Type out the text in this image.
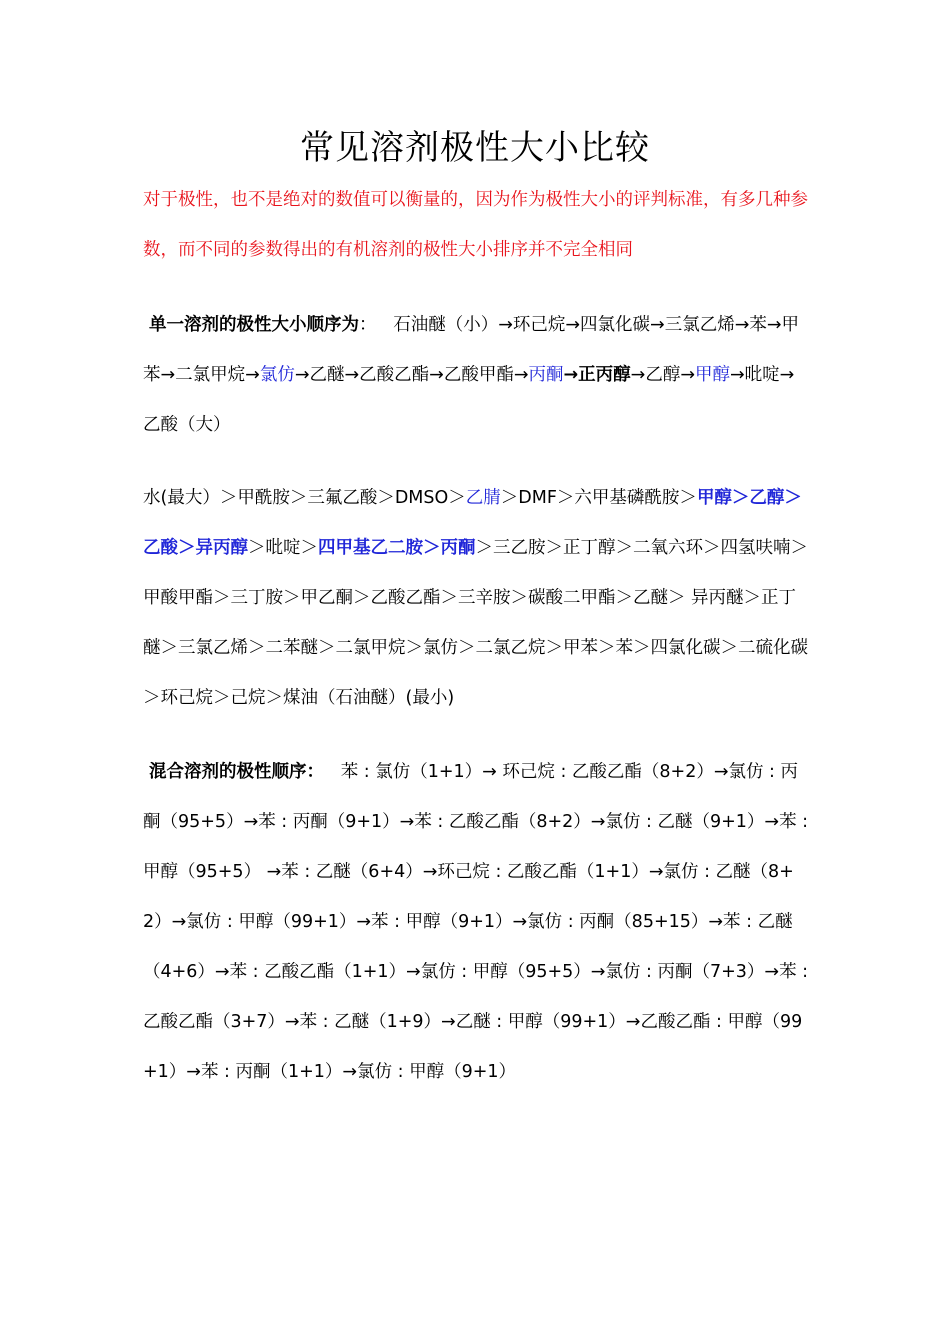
常见溶剂极性大小比较

对于极性，也不是绝对的数值可以衡量的，因为作为极性大小的评判标准，有多几种参数，而不同的参数得出的有机溶剂的极性大小排序并不完全相同

单一溶剂的极性大小顺序为： 石油醚（小）→环己烷→四氯化碳→三氯乙烯→苯→甲苯→二氯甲烷→氯仿→乙醚→乙酸乙酯→乙酸甲酯→丙酮→正丙醇→乙醇→甲醇→吡啶→乙酸（大）

水(最大）＞甲酰胺＞三氟乙酸＞DMSO＞乙腈＞DMF＞六甲基磷酰胺＞甲醇＞乙醇＞乙酸＞异丙醇＞吡啶＞四甲基乙二胺＞丙酮＞三乙胺＞正丁醇＞二氧六环＞四氢呋喃＞甲酸甲酯＞三丁胺＞甲乙酮＞乙酸乙酯＞三辛胺＞碳酸二甲酯＞乙醚＞ 异丙醚＞正丁醚＞三氯乙烯＞二苯醚＞二氯甲烷＞氯仿＞二氯乙烷＞甲苯＞苯＞四氯化碳＞二硫化碳＞环己烷＞己烷＞煤油（石油醚）(最小)

混合溶剂的极性顺序： 苯 : 氯仿（1+1）→ 环己烷 : 乙酸乙酯（8+2）→氯仿 : 丙酮（95+5）→苯 : 丙酮（9+1）→苯 : 乙酸乙酯（8+2）→氯仿 : 乙醚（9+1）→苯 : 甲醇（95+5） →苯 : 乙醚（6+4）→环己烷 : 乙酸乙酯（1+1）→氯仿 : 乙醚（8+2）→氯仿 : 甲醇（99+1）→苯 : 甲醇（9+1）→氯仿 : 丙酮（85+15）→苯 : 乙醚（4+6）→苯 : 乙酸乙酯（1+1）→氯仿 : 甲醇（95+5）→氯仿 : 丙酮（7+3）→苯 : 乙酸乙酯（3+7）→苯 : 乙醚（1+9）→乙醚 : 甲醇（99+1）→乙酸乙酯 : 甲醇（99+1）→苯 : 丙酮（1+1）→氯仿 : 甲醇（9+1）
